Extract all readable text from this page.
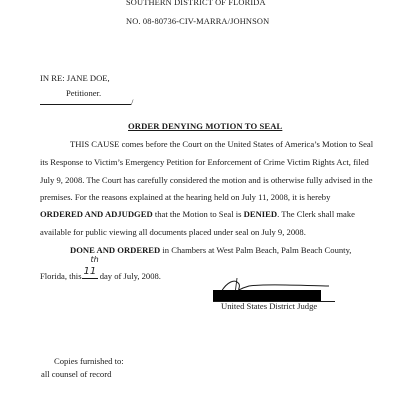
SOUTHERN DISTRICT OF FLORIDA
NO. 08-80736-CIV-MARRA/JOHNSON
IN RE: JANE DOE,
Petitioner.
/
ORDER DENYING MOTION TO SEAL
THIS CAUSE comes before the Court on the United States of America’s Motion to Seal
its Response to Victim’s Emergency Petition for Enforcement of Crime Victim Rights Act, filed
July 9, 2008. The Court has carefully considered the motion and is otherwise fully advised in the
premises. For the reasons explained at the hearing held on July 11, 2008, it is hereby
ORDERED AND ADJUDGED that the Motion to Seal is DENIED. The Clerk shall make
available for public viewing all documents placed under seal on July 9, 2008.
DONE AND ORDERED in Chambers at West Palm Beach, Palm Beach County,
Florida, this 11
th
day of July, 2008.
United States District Judge
Copies furnished to:
all counsel of record
